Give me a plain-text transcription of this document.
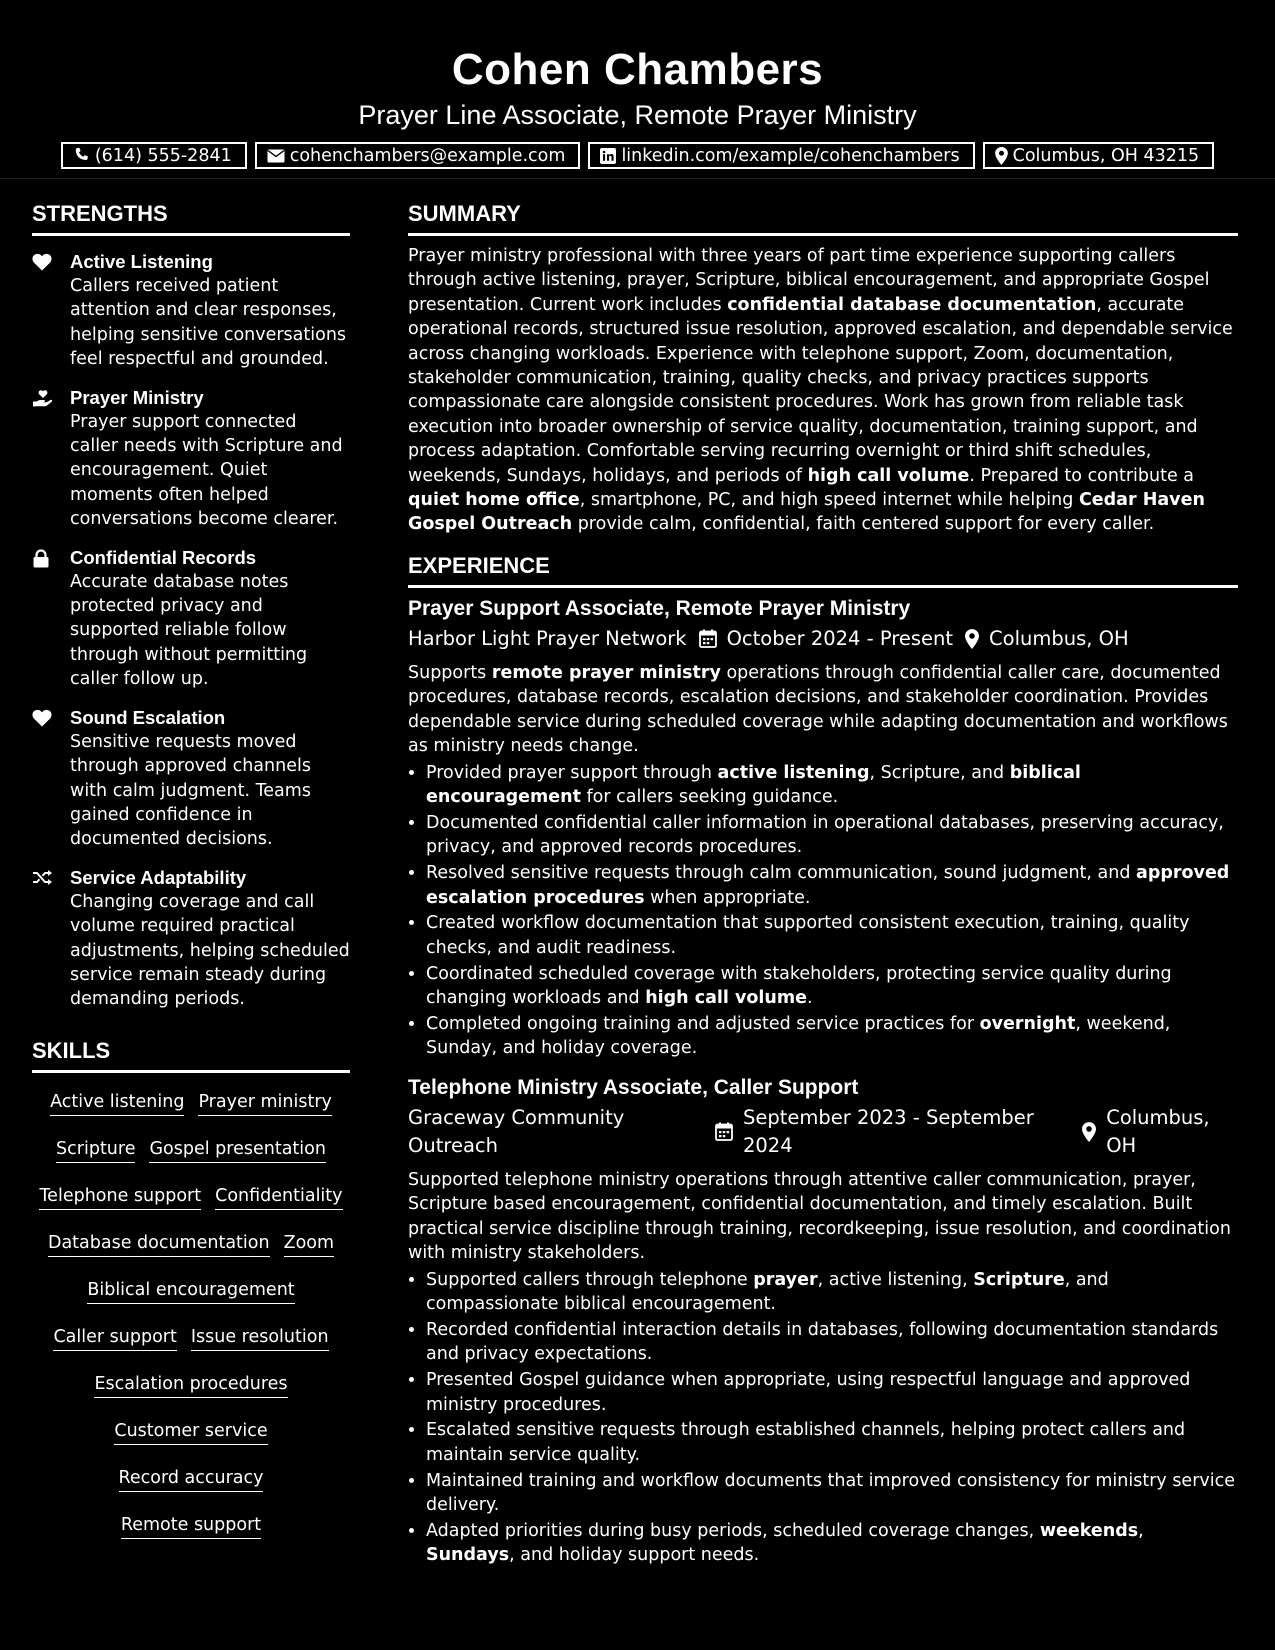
Cohen Chambers
Prayer Line Associate, Remote Prayer Ministry
(614) 555-2841	cohenchambers@example.com	linkedin.com/example/cohenchambers	Columbus, OH 43215
STRENGTHS
Active Listening
Callers received patient attention and clear responses, helping sensitive conversations feel respectful and grounded.
Prayer Ministry
Prayer support connected caller needs with Scripture and encouragement. Quiet moments often helped conversations become clearer.
Confidential Records
Accurate database notes protected privacy and supported reliable follow through without permitting caller follow up.
Sound Escalation
Sensitive requests moved through approved channels with calm judgment. Teams gained confidence in documented decisions.
Service Adaptability
Changing coverage and call volume required practical adjustments, helping scheduled service remain steady during demanding periods.
SKILLS
Active listening Prayer ministry
Scripture Gospel presentation
Telephone support Confidentiality
Database documentation Zoom
Biblical encouragement
Caller support Issue resolution
Escalation procedures
Customer serviceRecord accuracy
Remote support
SUMMARY
Prayer ministry professional with three years of part time experience supporting callers through active listening, prayer, Scripture, biblical encouragement, and appropriate Gospel presentation. Current work includes confidential database documentation, accurate operational records, structured issue resolution, approved escalation, and dependable service across changing workloads. Experience with telephone support, Zoom, documentation, stakeholder communication, training, quality checks, and privacy practices supports compassionate care alongside consistent procedures. Work has grown from reliable task execution into broader ownership of service quality, documentation, training support, and process adaptation. Comfortable serving recurring overnight or third shift schedules, weekends, Sundays, holidays, and periods of high call volume. Prepared to contribute a quiet home office, smartphone, PC, and high speed internet while helping Cedar Haven Gospel Outreach provide calm, confidential, faith centered support for every caller.
EXPERIENCE
Prayer Support Associate, Remote Prayer Ministry
Harbor Light Prayer Network October 2024 - Present Columbus, OH
Supports remote prayer ministry operations through confidential caller care, documented procedures, database records, escalation decisions, and stakeholder coordination. Provides dependable service during scheduled coverage while adapting documentation and workflows as ministry needs change.
• Provided prayer support through active listening, Scripture, and biblical encouragement for callers seeking guidance.
• Documented confidential caller information in operational databases, preserving accuracy, privacy, and approved records procedures.
• Resolved sensitive requests through calm communication, sound judgment, and approved escalation procedures when appropriate.
• Created workflow documentation that supported consistent execution, training, quality checks, and audit readiness.
• Coordinated scheduled coverage with stakeholders, protecting service quality during changing workloads and high call volume.
• Completed ongoing training and adjusted service practices for overnight, weekend, Sunday, and holiday coverage.
Telephone Ministry Associate, Caller Support
Graceway Community Outreach
September 2023 - September 2024
Columbus, OH
Supported telephone ministry operations through attentive caller communication, prayer, Scripture based encouragement, confidential documentation, and timely escalation. Built practical service discipline through training, recordkeeping, issue resolution, and coordination with ministry stakeholders.
• Supported callers through telephone prayer, active listening, Scripture, and compassionate biblical encouragement.
• Recorded confidential interaction details in databases, following documentation standards and privacy expectations.
• Presented Gospel guidance when appropriate, using respectful language and approved ministry procedures.
• Escalated sensitive requests through established channels, helping protect callers and maintain service quality.
• Maintained training and workflow documents that improved consistency for ministry service delivery.
• Adapted priorities during busy periods, scheduled coverage changes, weekends, Sundays, and holiday support needs.
